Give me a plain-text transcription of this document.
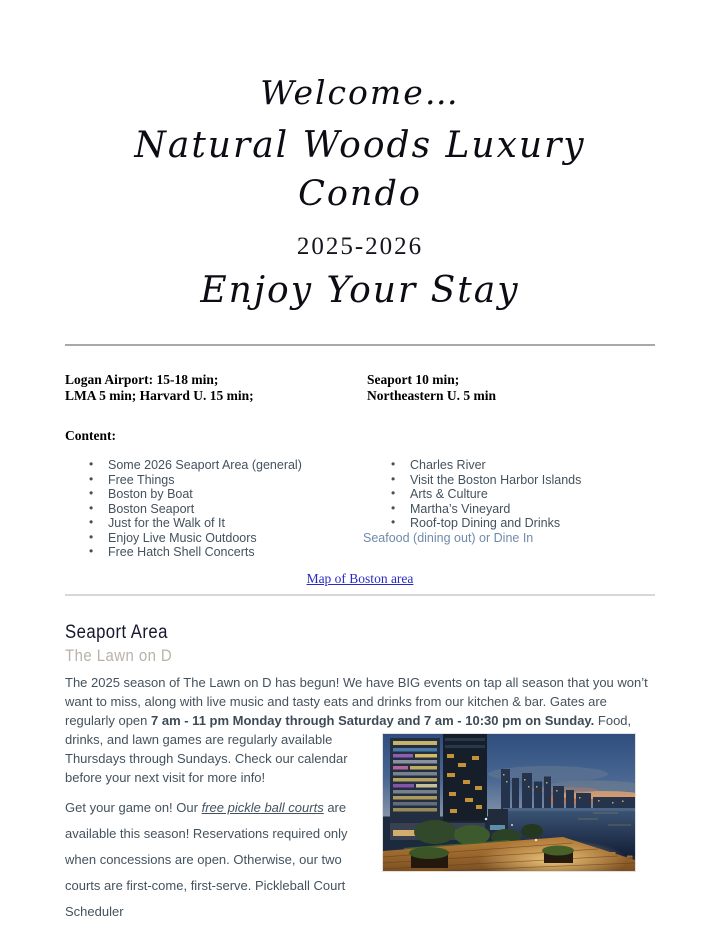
Welcome…
Natural Woods Luxury
Condo
2025-2026
Enjoy Your Stay
Logan Airport: 15-18 min;
LMA 5 min; Harvard U. 15 min;
Seaport 10 min;
Northeastern U. 5 min
Content:
• Some 2026 Seaport Area (general)
• Free Things
• Boston by Boat
• Boston Seaport
• Just for the Walk of It
• Enjoy Live Music Outdoors
• Free Hatch Shell Concerts
• Charles River
• Visit the Boston Harbor Islands
• Arts & Culture
• Martha’s Vineyard
• Roof-top Dining and Drinks
Seafood (dining out) or Dine In
Map of Boston area
Seaport Area
The Lawn on D

The 2025 season of The Lawn on D has begun! We have BIG events on tap all season that you won’t want to miss, along with live music and tasty eats and drinks from our kitchen & bar. Gates are regularly open 7 am - 11 pm Monday through Saturday and 7 am - 10:30 pm on Sunday. Food,

drinks, and lawn games are regularly available Thursdays through Sundays. Check our calendar before your next visit for more info!

Get your game on! Our free pickle ball courts are available this season! Reservations required only when concessions are open. Otherwise, our two courts are first-come, first-serve. Pickleball Court Scheduler
